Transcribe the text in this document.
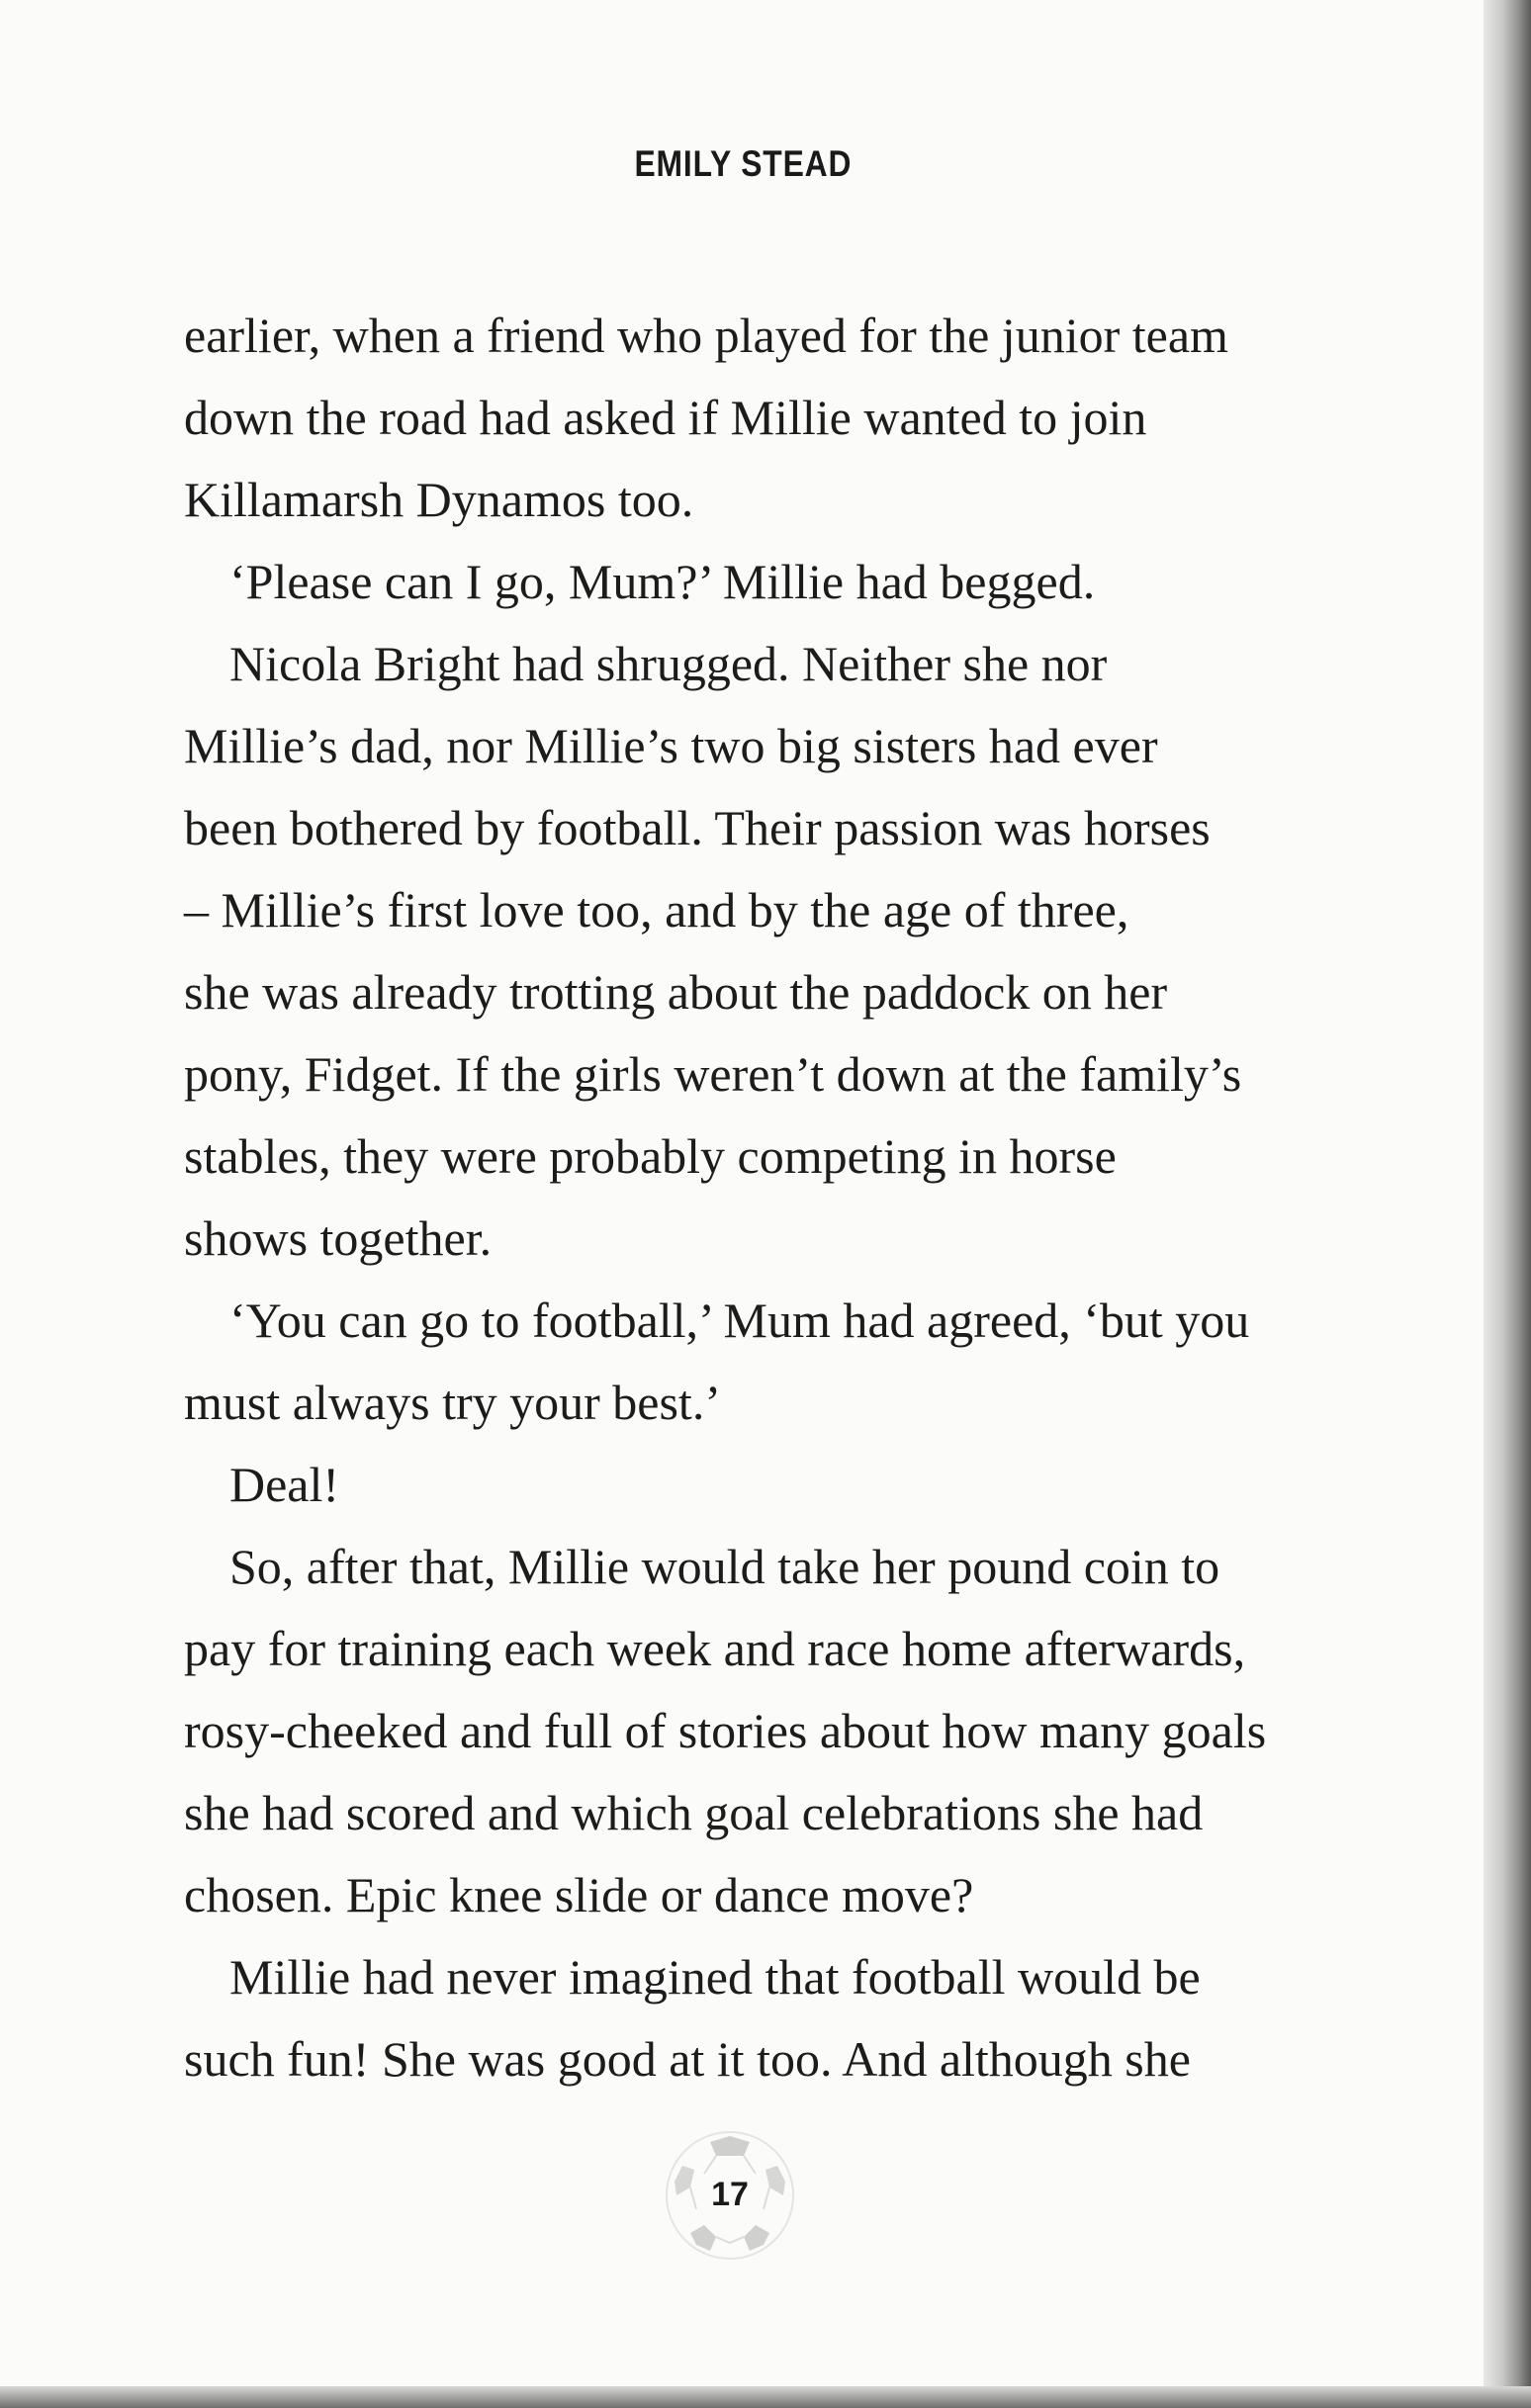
EMILY STEAD
earlier, when a friend who played for the junior team
down the road had asked if Millie wanted to join
Killamarsh Dynamos too.
‘Please can I go, Mum?’ Millie had begged.
Nicola Bright had shrugged. Neither she nor
Millie’s dad, nor Millie’s two big sisters had ever
been bothered by football. Their passion was horses
– Millie’s first love too, and by the age of three,
she was already trotting about the paddock on her
pony, Fidget. If the girls weren’t down at the family’s
stables, they were probably competing in horse
shows together.
‘You can go to football,’ Mum had agreed, ‘but you
must always try your best.’
Deal!
So, after that, Millie would take her pound coin to
pay for training each week and race home afterwards,
rosy-cheeked and full of stories about how many goals
she had scored and which goal celebrations she had
chosen. Epic knee slide or dance move?
Millie had never imagined that football would be
such fun! She was good at it too. And although she
17
